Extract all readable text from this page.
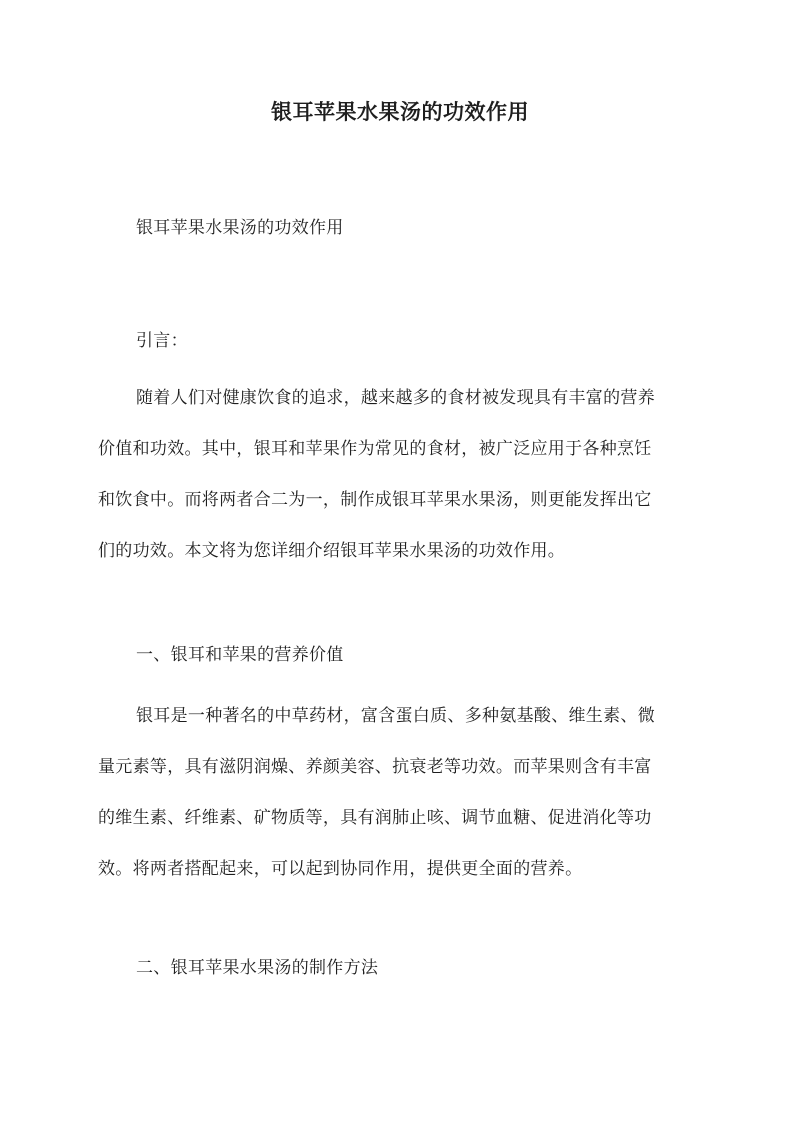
银耳苹果水果汤的功效作用
银耳苹果水果汤的功效作用
引言：
随着人们对健康饮食的追求，越来越多的食材被发现具有丰富的营养
价值和功效。其中，银耳和苹果作为常见的食材，被广泛应用于各种烹饪
和饮食中。而将两者合二为一，制作成银耳苹果水果汤，则更能发挥出它
们的功效。本文将为您详细介绍银耳苹果水果汤的功效作用。
一、银耳和苹果的营养价值
银耳是一种著名的中草药材，富含蛋白质、多种氨基酸、维生素、微
量元素等，具有滋阴润燥、养颜美容、抗衰老等功效。而苹果则含有丰富
的维生素、纤维素、矿物质等，具有润肺止咳、调节血糖、促进消化等功
效。将两者搭配起来，可以起到协同作用，提供更全面的营养。
二、银耳苹果水果汤的制作方法
